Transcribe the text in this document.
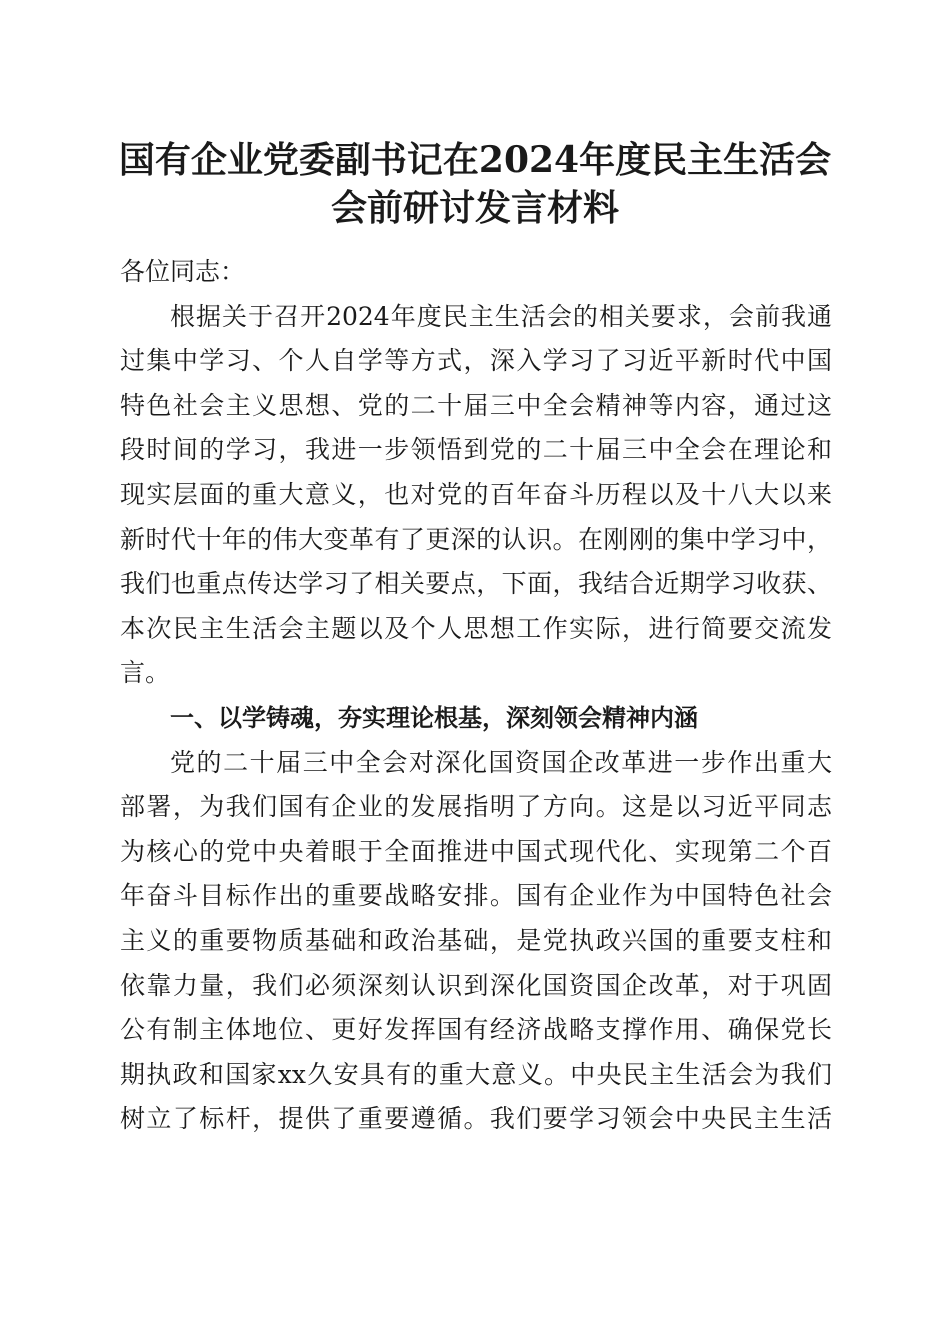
国有企业党委副书记在2024年度民主生活会
会前研讨发言材料
各位同志：
根据关于召开2024年度民主生活会的相关要求，会前我通
过集中学习、个人自学等方式，深入学习了习近平新时代中国
特色社会主义思想、党的二十届三中全会精神等内容，通过这
段时间的学习，我进一步领悟到党的二十届三中全会在理论和
现实层面的重大意义，也对党的百年奋斗历程以及十八大以来
新时代十年的伟大变革有了更深的认识。在刚刚的集中学习中，
我们也重点传达学习了相关要点，下面，我结合近期学习收获、
本次民主生活会主题以及个人思想工作实际，进行简要交流发
言。
一、以学铸魂，夯实理论根基，深刻领会精神内涵
党的二十届三中全会对深化国资国企改革进一步作出重大
部署，为我们国有企业的发展指明了方向。这是以习近平同志
为核心的党中央着眼于全面推进中国式现代化、实现第二个百
年奋斗目标作出的重要战略安排。国有企业作为中国特色社会
主义的重要物质基础和政治基础，是党执政兴国的重要支柱和
依靠力量，我们必须深刻认识到深化国资国企改革，对于巩固
公有制主体地位、更好发挥国有经济战略支撑作用、确保党长
期执政和国家xx久安具有的重大意义。中央民主生活会为我们
树立了标杆，提供了重要遵循。我们要学习领会中央民主生活
